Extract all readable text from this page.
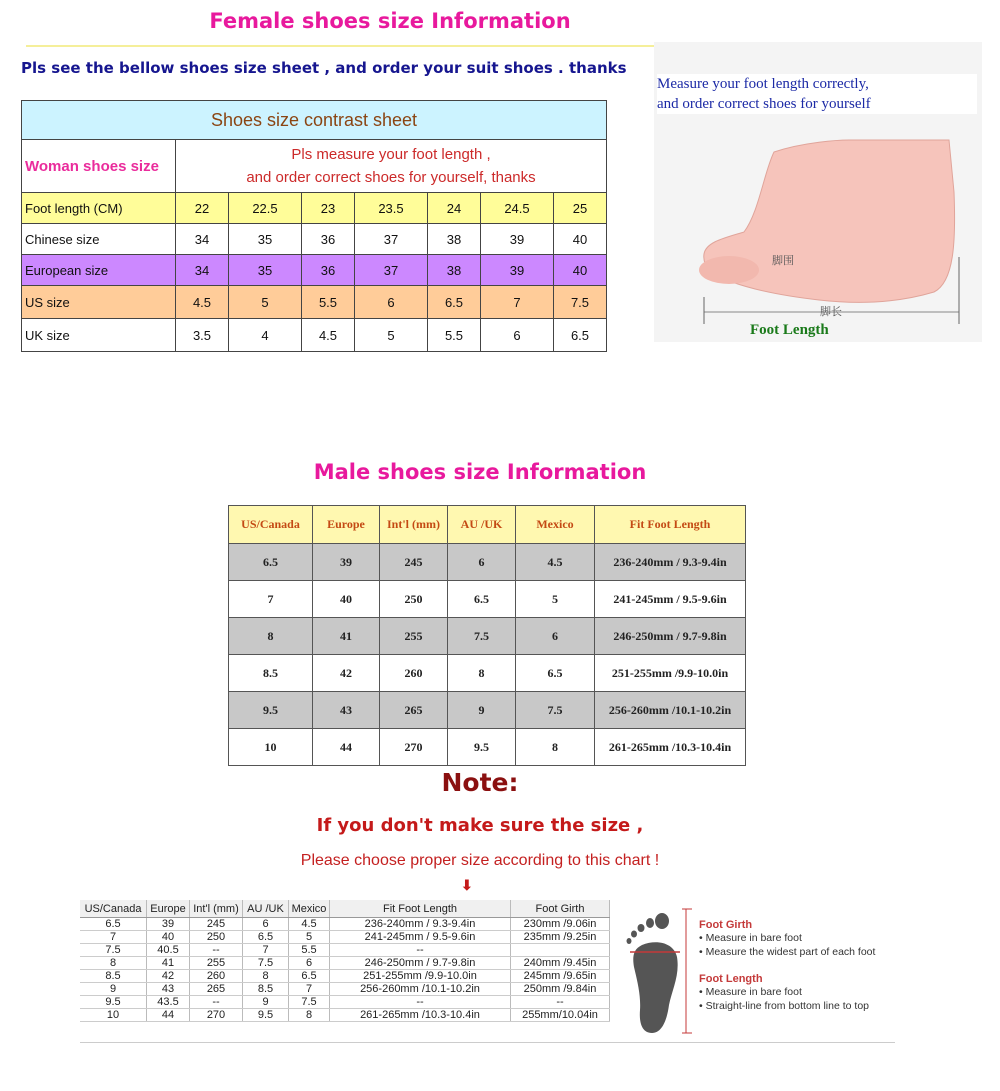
Female shoes size Information
Pls see the bellow shoes size sheet , and order your suit shoes . thanks
Shoes size contrast sheet							
Woman shoes size	Pls measure your foot length ,
and order correct shoes for yourself, thanks						

Foot length (CM)	22	22.5	23	23.5	24	24.5	25
Chinese size	34	35	36	37	38	39	40
European size	34	35	36	37	38	39	40
US size	4.5	5	5.5	6	6.5	7	7.5
UK size	3.5	4	4.5	5	5.5	6	6.5
脚长
脚围
Measure your foot length correctly,
and order correct shoes for yourself
Foot Length
Male shoes size Information
US/Canada	Europe	Int'l (mm)	AU /UK	Mexico	Fit Foot Length
6.5	39	245	6	4.5	236-240mm / 9.3-9.4in
7	40	250	6.5	5	241-245mm / 9.5-9.6in
8	41	255	7.5	6	246-250mm / 9.7-9.8in
8.5	42	260	8	6.5	251-255mm /9.9-10.0in
9.5	43	265	9	7.5	256-260mm /10.1-10.2in
10	44	270	9.5	8	261-265mm /10.3-10.4in
Note:
If you don't make sure the size ,
Please choose proper size according to this chart !
⬇
US/Canada	Europe	Int'l (mm)	AU /UK	Mexico	Fit Foot Length	Foot Girth
6.5	39	245	6	4.5	236-240mm / 9.3-9.4in	230mm /9.06in
7	40	250	6.5	5	241-245mm / 9.5-9.6in	235mm /9.25in
7.5	40.5	--	7	5.5	--	
8	41	255	7.5	6	246-250mm / 9.7-9.8in	240mm /9.45in
8.5	42	260	8	6.5	251-255mm /9.9-10.0in	245mm /9.65in
9	43	265	8.5	7	256-260mm /10.1-10.2in	250mm /9.84in
9.5	43.5	--	9	7.5	--	--
10	44	270	9.5	8	261-265mm /10.3-10.4in	255mm/10.04in
Foot Girth
• Measure in bare foot
• Measure the widest part of each foot
Foot Length
• Measure in bare foot
• Straight-line from bottom line to top
